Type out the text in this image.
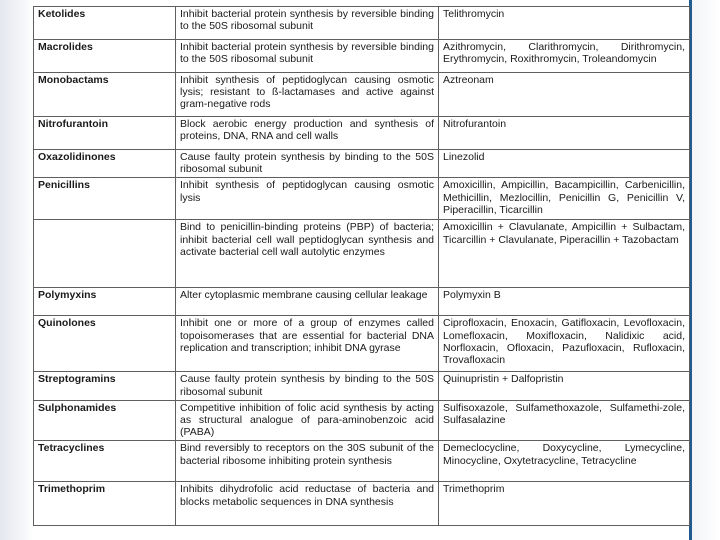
Ketolides	Inhibit bacterial protein synthesis by reversible binding to the 50S ribosomal subunit	Telithromycin
Macrolides	Inhibit bacterial protein synthesis by reversible binding to the 50S ribosomal subunit	Azithromycin, Clarithromycin, Dirithromycin, Erythromycin, Roxithromycin, Troleandomycin
Monobactams	Inhibit synthesis of peptidoglycan causing osmotic lysis; resistant to ß-lactamases and active against gram-negative rods	Aztreonam
Nitrofurantoin	Block aerobic energy production and synthesis of proteins, DNA, RNA and cell walls	Nitrofurantoin
Oxazolidinones	Cause faulty protein synthesis by binding to the 50S ribosomal subunit	Linezolid
Penicillins	Inhibit synthesis of peptidoglycan causing osmotic lysis	Amoxicillin, Ampicillin, Bacampicillin, Carbenicillin, Methicillin, Mezlocillin, Penicillin G, Penicillin V, Piperacillin, Ticarcillin
	Bind to penicillin-binding proteins (PBP) of bacteria; inhibit bacterial cell wall peptidoglycan synthesis and activate bacterial cell wall autolytic enzymes	Amoxicillin + Clavulanate, Ampicillin + Sulbactam, Ticarcillin + Clavulanate, Piperacillin + Tazobactam
Polymyxins	Alter cytoplasmic membrane causing cellular leakage	Polymyxin B
Quinolones	Inhibit one or more of a group of enzymes called topoisomerases that are essential for bacterial DNA replication and transcription; inhibit DNA gyrase	Ciprofloxacin, Enoxacin, Gatifloxacin, Levofloxacin, Lomefloxacin, Moxifloxacin, Nalidixic acid, Norfloxacin, Ofloxacin, Pazufloxacin, Rufloxacin, Trovafloxacin
Streptogramins	Cause faulty protein synthesis by binding to the 50S ribosomal subunit	Quinupristin + Dalfopristin
Sulphonamides	Competitive inhibition of folic acid synthesis by acting as structural analogue of para-aminobenzoic acid (PABA)	Sulfisoxazole, Sulfamethoxazole, Sulfamethi-zole, Sulfasalazine
Tetracyclines	Bind reversibly to receptors on the 30S subunit of the bacterial ribosome inhibiting protein synthesis	Demeclocycline, Doxycycline, Lymecycline, Minocycline, Oxytetracycline, Tetracycline
Trimethoprim	Inhibits dihydrofolic acid reductase of bacteria and blocks metabolic sequences in DNA synthesis	Trimethoprim
